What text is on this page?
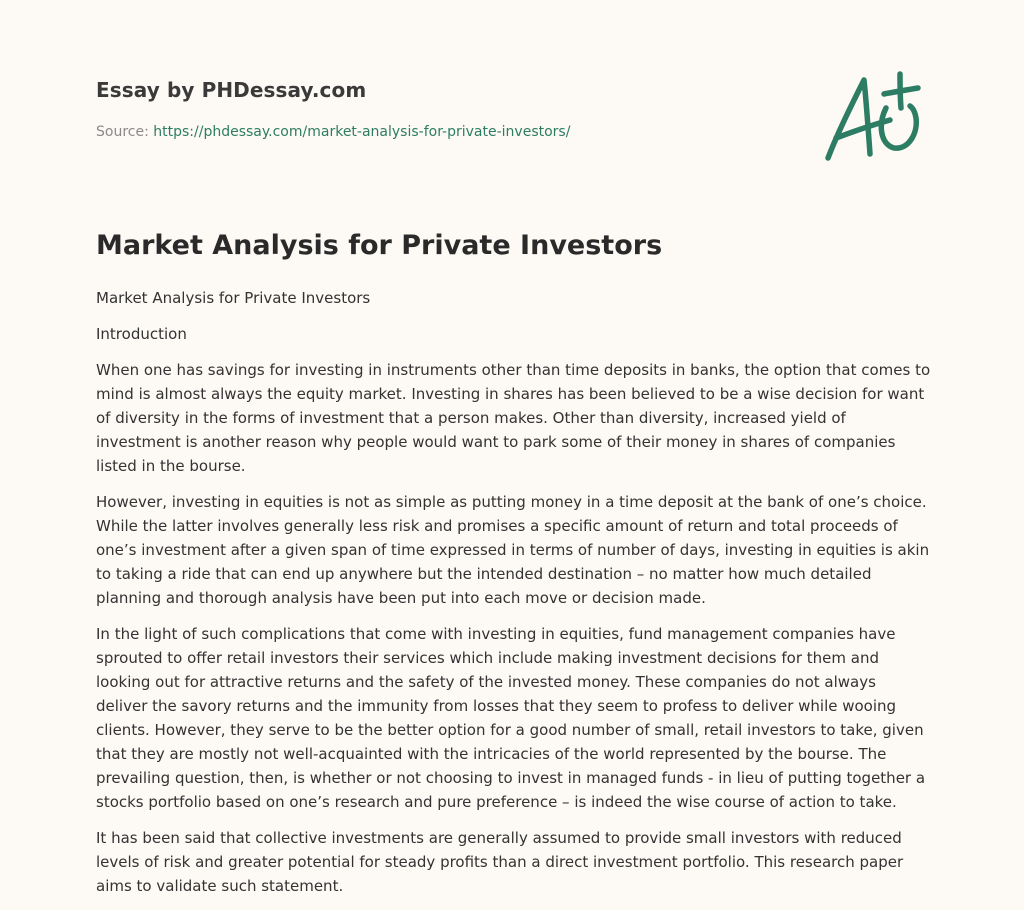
Essay by PHDessay.com
Source: https://phdessay.com/market-analysis-for-private-investors/
Market Analysis for Private Investors

Market Analysis for Private Investors

Introduction

When one has savings for investing in instruments other than time deposits in banks, the option that comes to mind is almost always the equity market. Investing in shares has been believed to be a wise decision for want of diversity in the forms of investment that a person makes. Other than diversity, increased yield of investment is another reason why people would want to park some of their money in shares of companies listed in the bourse.

However, investing in equities is not as simple as putting money in a time deposit at the bank of one’s choice. While the latter involves generally less risk and promises a specific amount of return and total proceeds of one’s investment after a given span of time expressed in terms of number of days, investing in equities is akin to taking a ride that can end up anywhere but the intended destination – no matter how much detailed planning and thorough analysis have been put into each move or decision made.

In the light of such complications that come with investing in equities, fund management companies have sprouted to offer retail investors their services which include making investment decisions for them and looking out for attractive returns and the safety of the invested money. These companies do not always deliver the savory returns and the immunity from losses that they seem to profess to deliver while wooing clients. However, they serve to be the better option for a good number of small, retail investors to take, given that they are mostly not well-acquainted with the intricacies of the world represented by the bourse. The prevailing question, then, is whether or not choosing to invest in managed funds - in lieu of putting together a stocks portfolio based on one’s research and pure preference – is indeed the wise course of action to take.

It has been said that collective investments are generally assumed to provide small investors with reduced levels of risk and greater potential for steady profits than a direct investment portfolio. This research paper aims to validate such statement.
